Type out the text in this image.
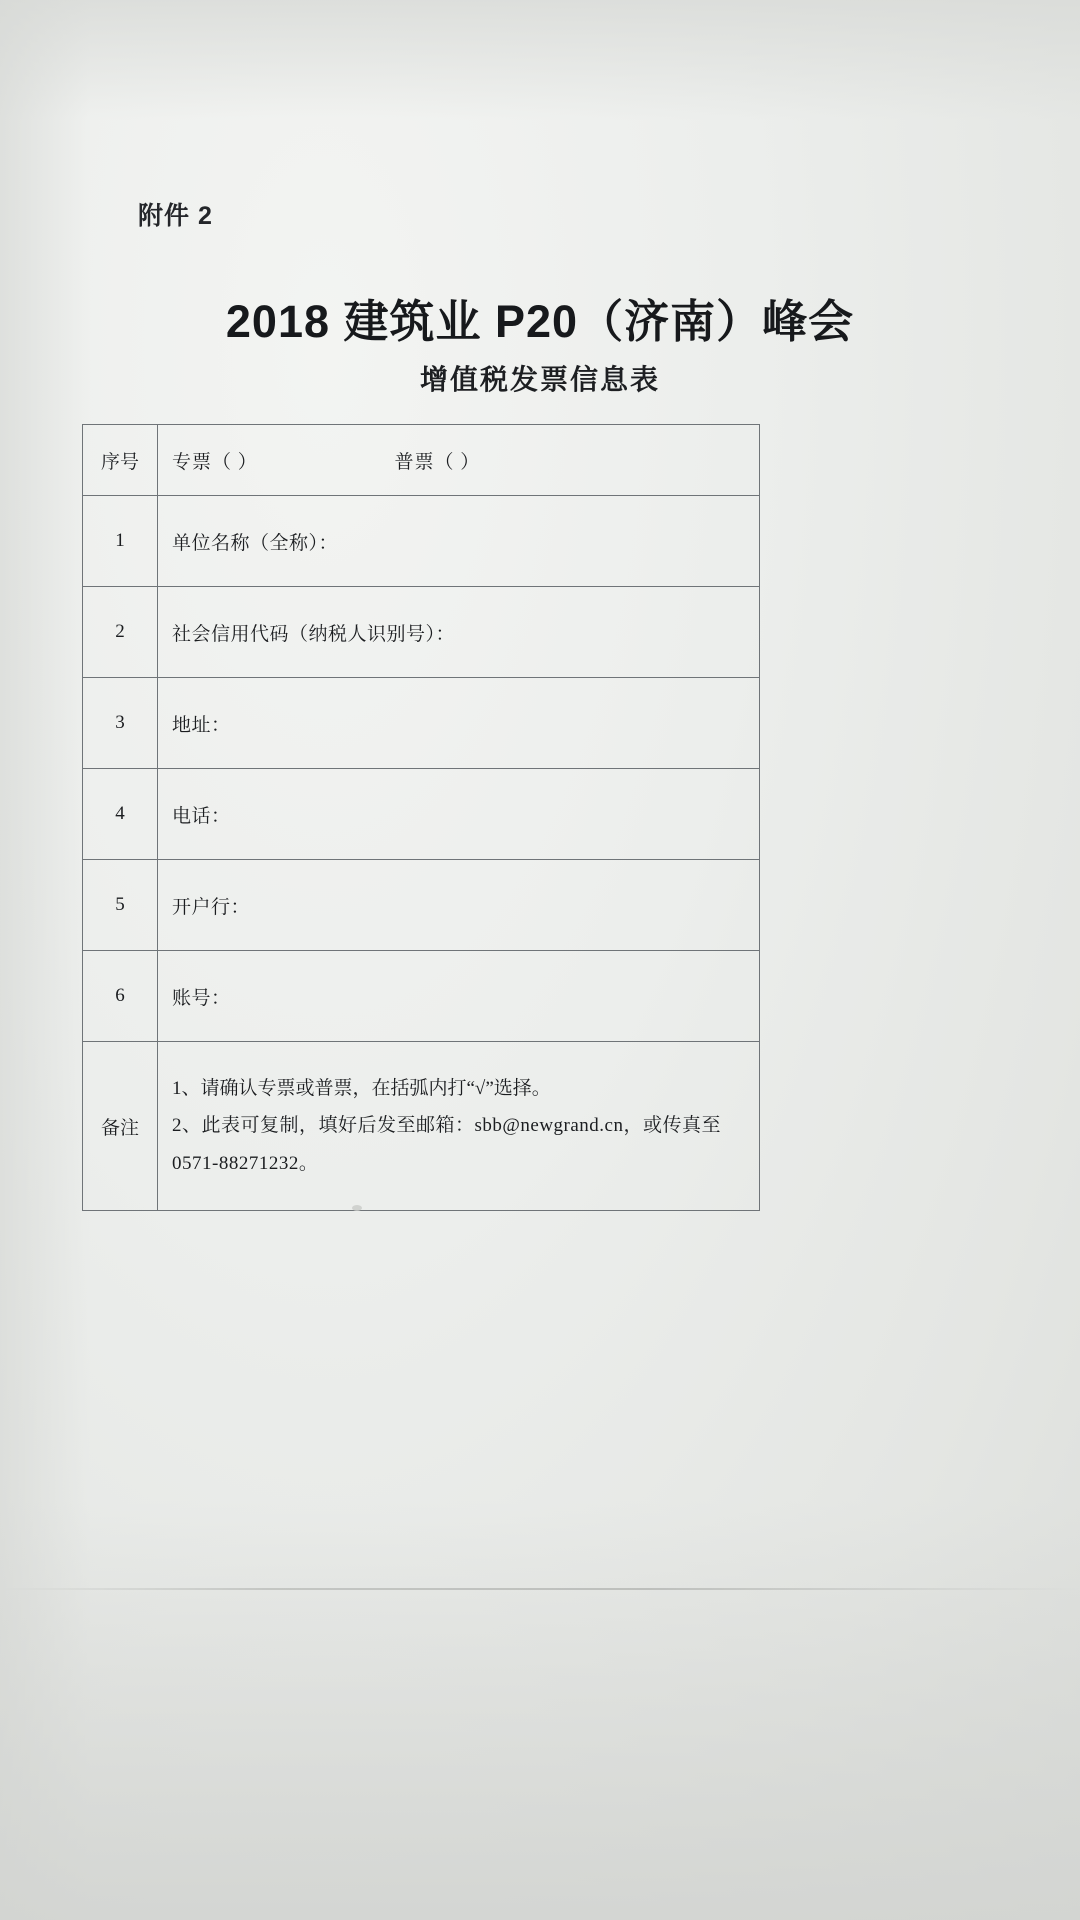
附件 2
2018 建筑业 P20（济南）峰会
增值税发票信息表
序号	专票（ ） 普票（ ）
1	单位名称（全称）：
2	社会信用代码（纳税人识别号）：
3	地址：
4	电话：
5	开户行：
6	账号：
备注	1、请确认专票或普票，在括弧内打“√”选择。
2、此表可复制，填好后发至邮箱：sbb@newgrand.cn，或传真至
0571-88271232。
